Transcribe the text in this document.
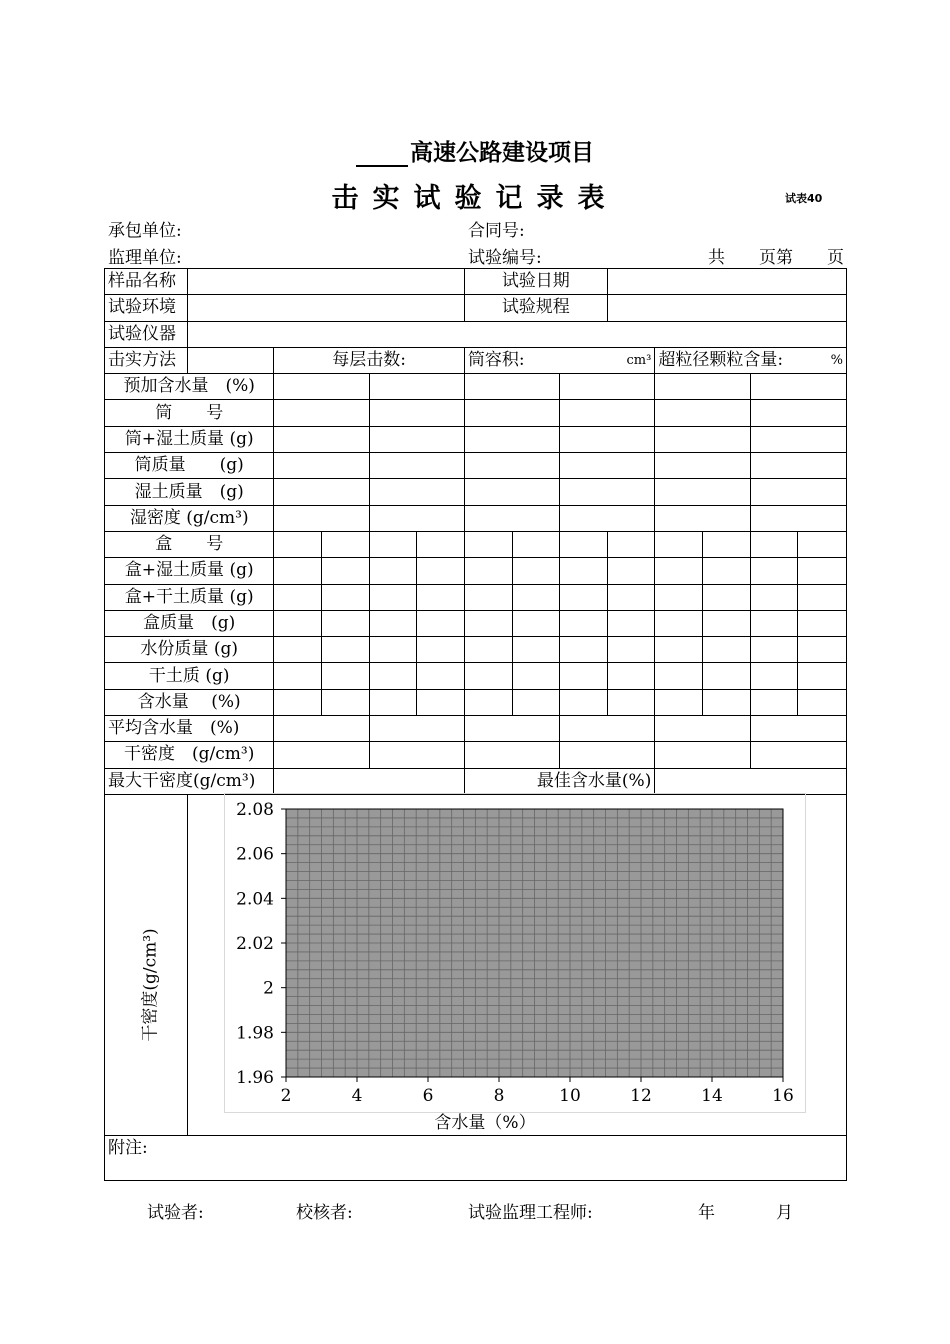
高速公路建设项目
击实试验记录表	试表40
承包单位:	合同号:
监理单位:	试验编号:	共　　页第　　页
样品名称						试验日期							
试验环境						试验规程							
试验仪器													
击实方法		每层击数:				筒容积: cm³				超粒径颗粒含量: %			

预加含水量　(%)													
筒　　号													
筒+湿土质量 (g)													
筒质量　　(g)													
湿土质量　(g)													
湿密度 (g/cm³)													
盒　　号													
盒+湿土质量 (g)													
盒+干土质量 (g)													
盒质量　(g)													
水份质量 (g)													
干土质 (g)													
含水量　 (%)													
平均含水量　(%)													
干密度　(g/cm³)													
最大干密度(g/cm³)						最佳含水量(%)							

附注:													
干密度(g/cm³)
2	4	6	8	10	12	14	16
2.08
2.06
2.04
2.02
2
1.98
1.96
含水量（%）
试验者:	校核者:	试验监理工程师:	年	月
